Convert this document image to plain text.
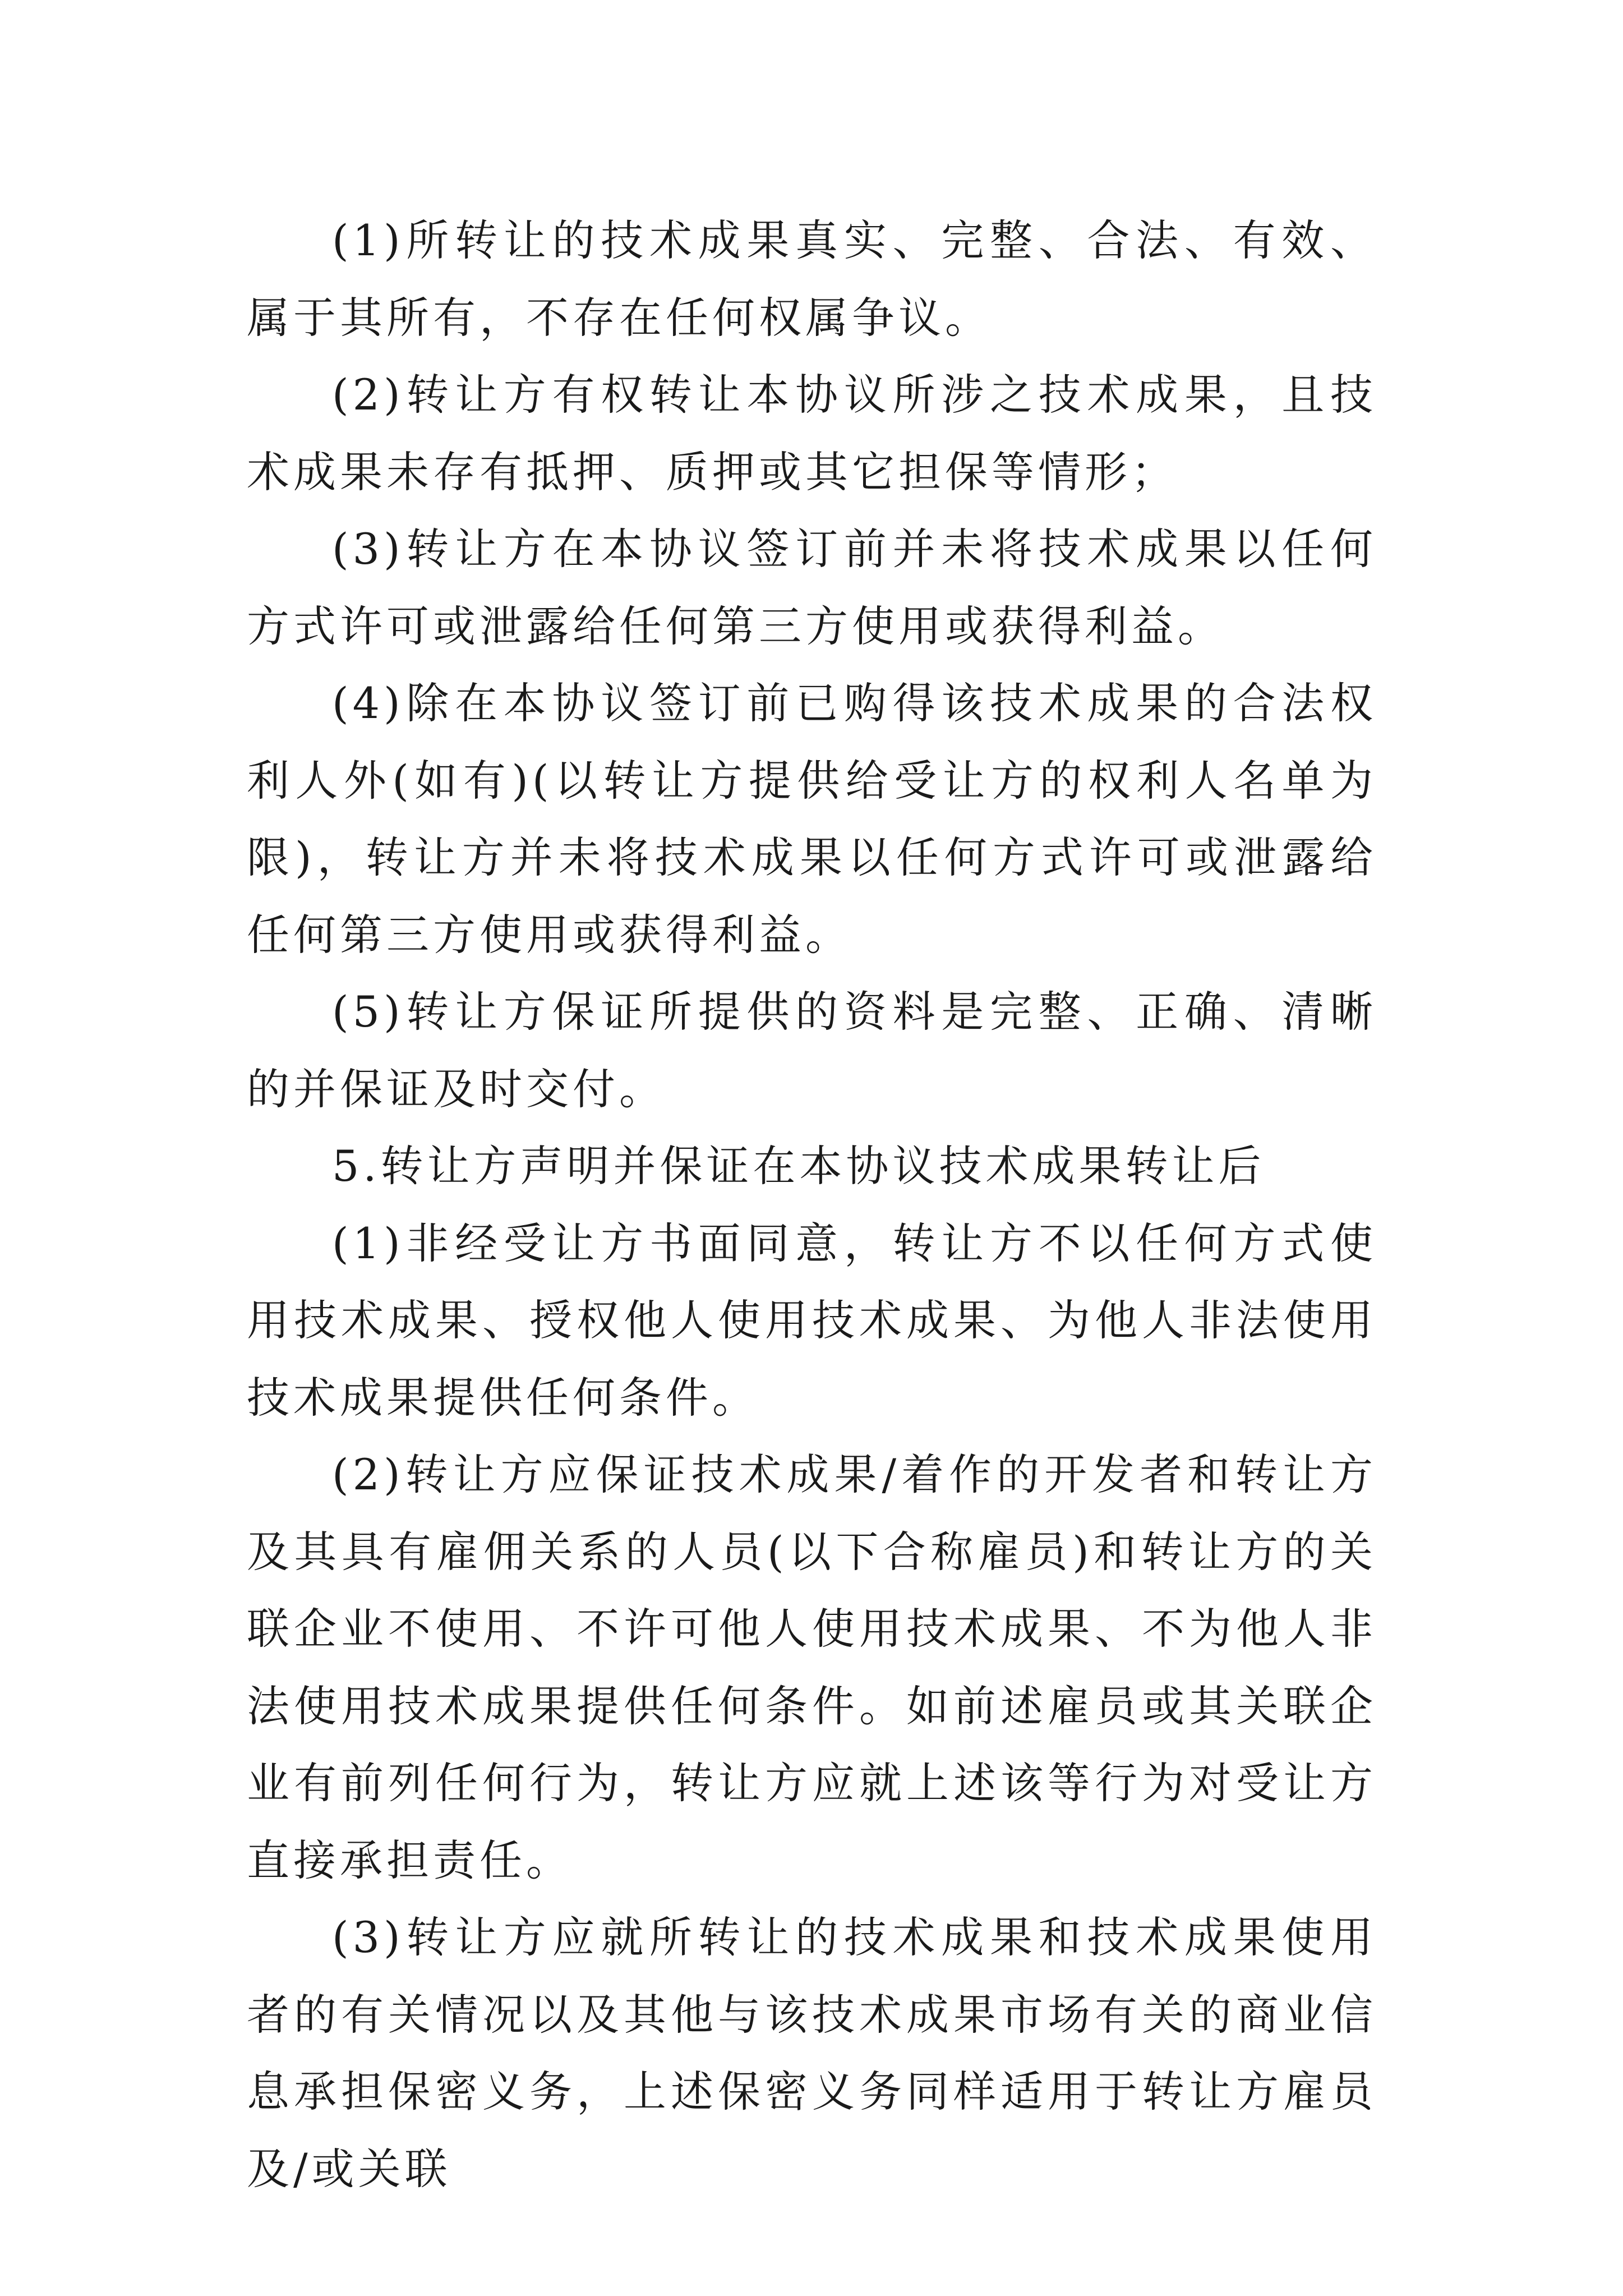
(1)所转让的技术成果真实、完整、合法、有效、属于其所有，不存在任何权属争议。

(2)转让方有权转让本协议所涉之技术成果，且技术成果未存有抵押、质押或其它担保等情形；

(3)转让方在本协议签订前并未将技术成果以任何方式许可或泄露给任何第三方使用或获得利益。

(4)除在本协议签订前已购得该技术成果的合法权利人外(如有)(以转让方提供给受让方的权利人名单为限)，转让方并未将技术成果以任何方式许可或泄露给任何第三方使用或获得利益。

(5)转让方保证所提供的资料是完整、正确、清晰的并保证及时交付。

5.转让方声明并保证在本协议技术成果转让后

(1)非经受让方书面同意，转让方不以任何方式使用技术成果、授权他人使用技术成果、为他人非法使用技术成果提供任何条件。

(2)转让方应保证技术成果/着作的开发者和转让方及其具有雇佣关系的人员(以下合称雇员)和转让方的关联企业不使用、不许可他人使用技术成果、不为他人非法使用技术成果提供任何条件。如前述雇员或其关联企业有前列任何行为，转让方应就上述该等行为对受让方直接承担责任。

(3)转让方应就所转让的技术成果和技术成果使用者的有关情况以及其他与该技术成果市场有关的商业信息承担保密义务，上述保密义务同样适用于转让方雇员及/或关联
